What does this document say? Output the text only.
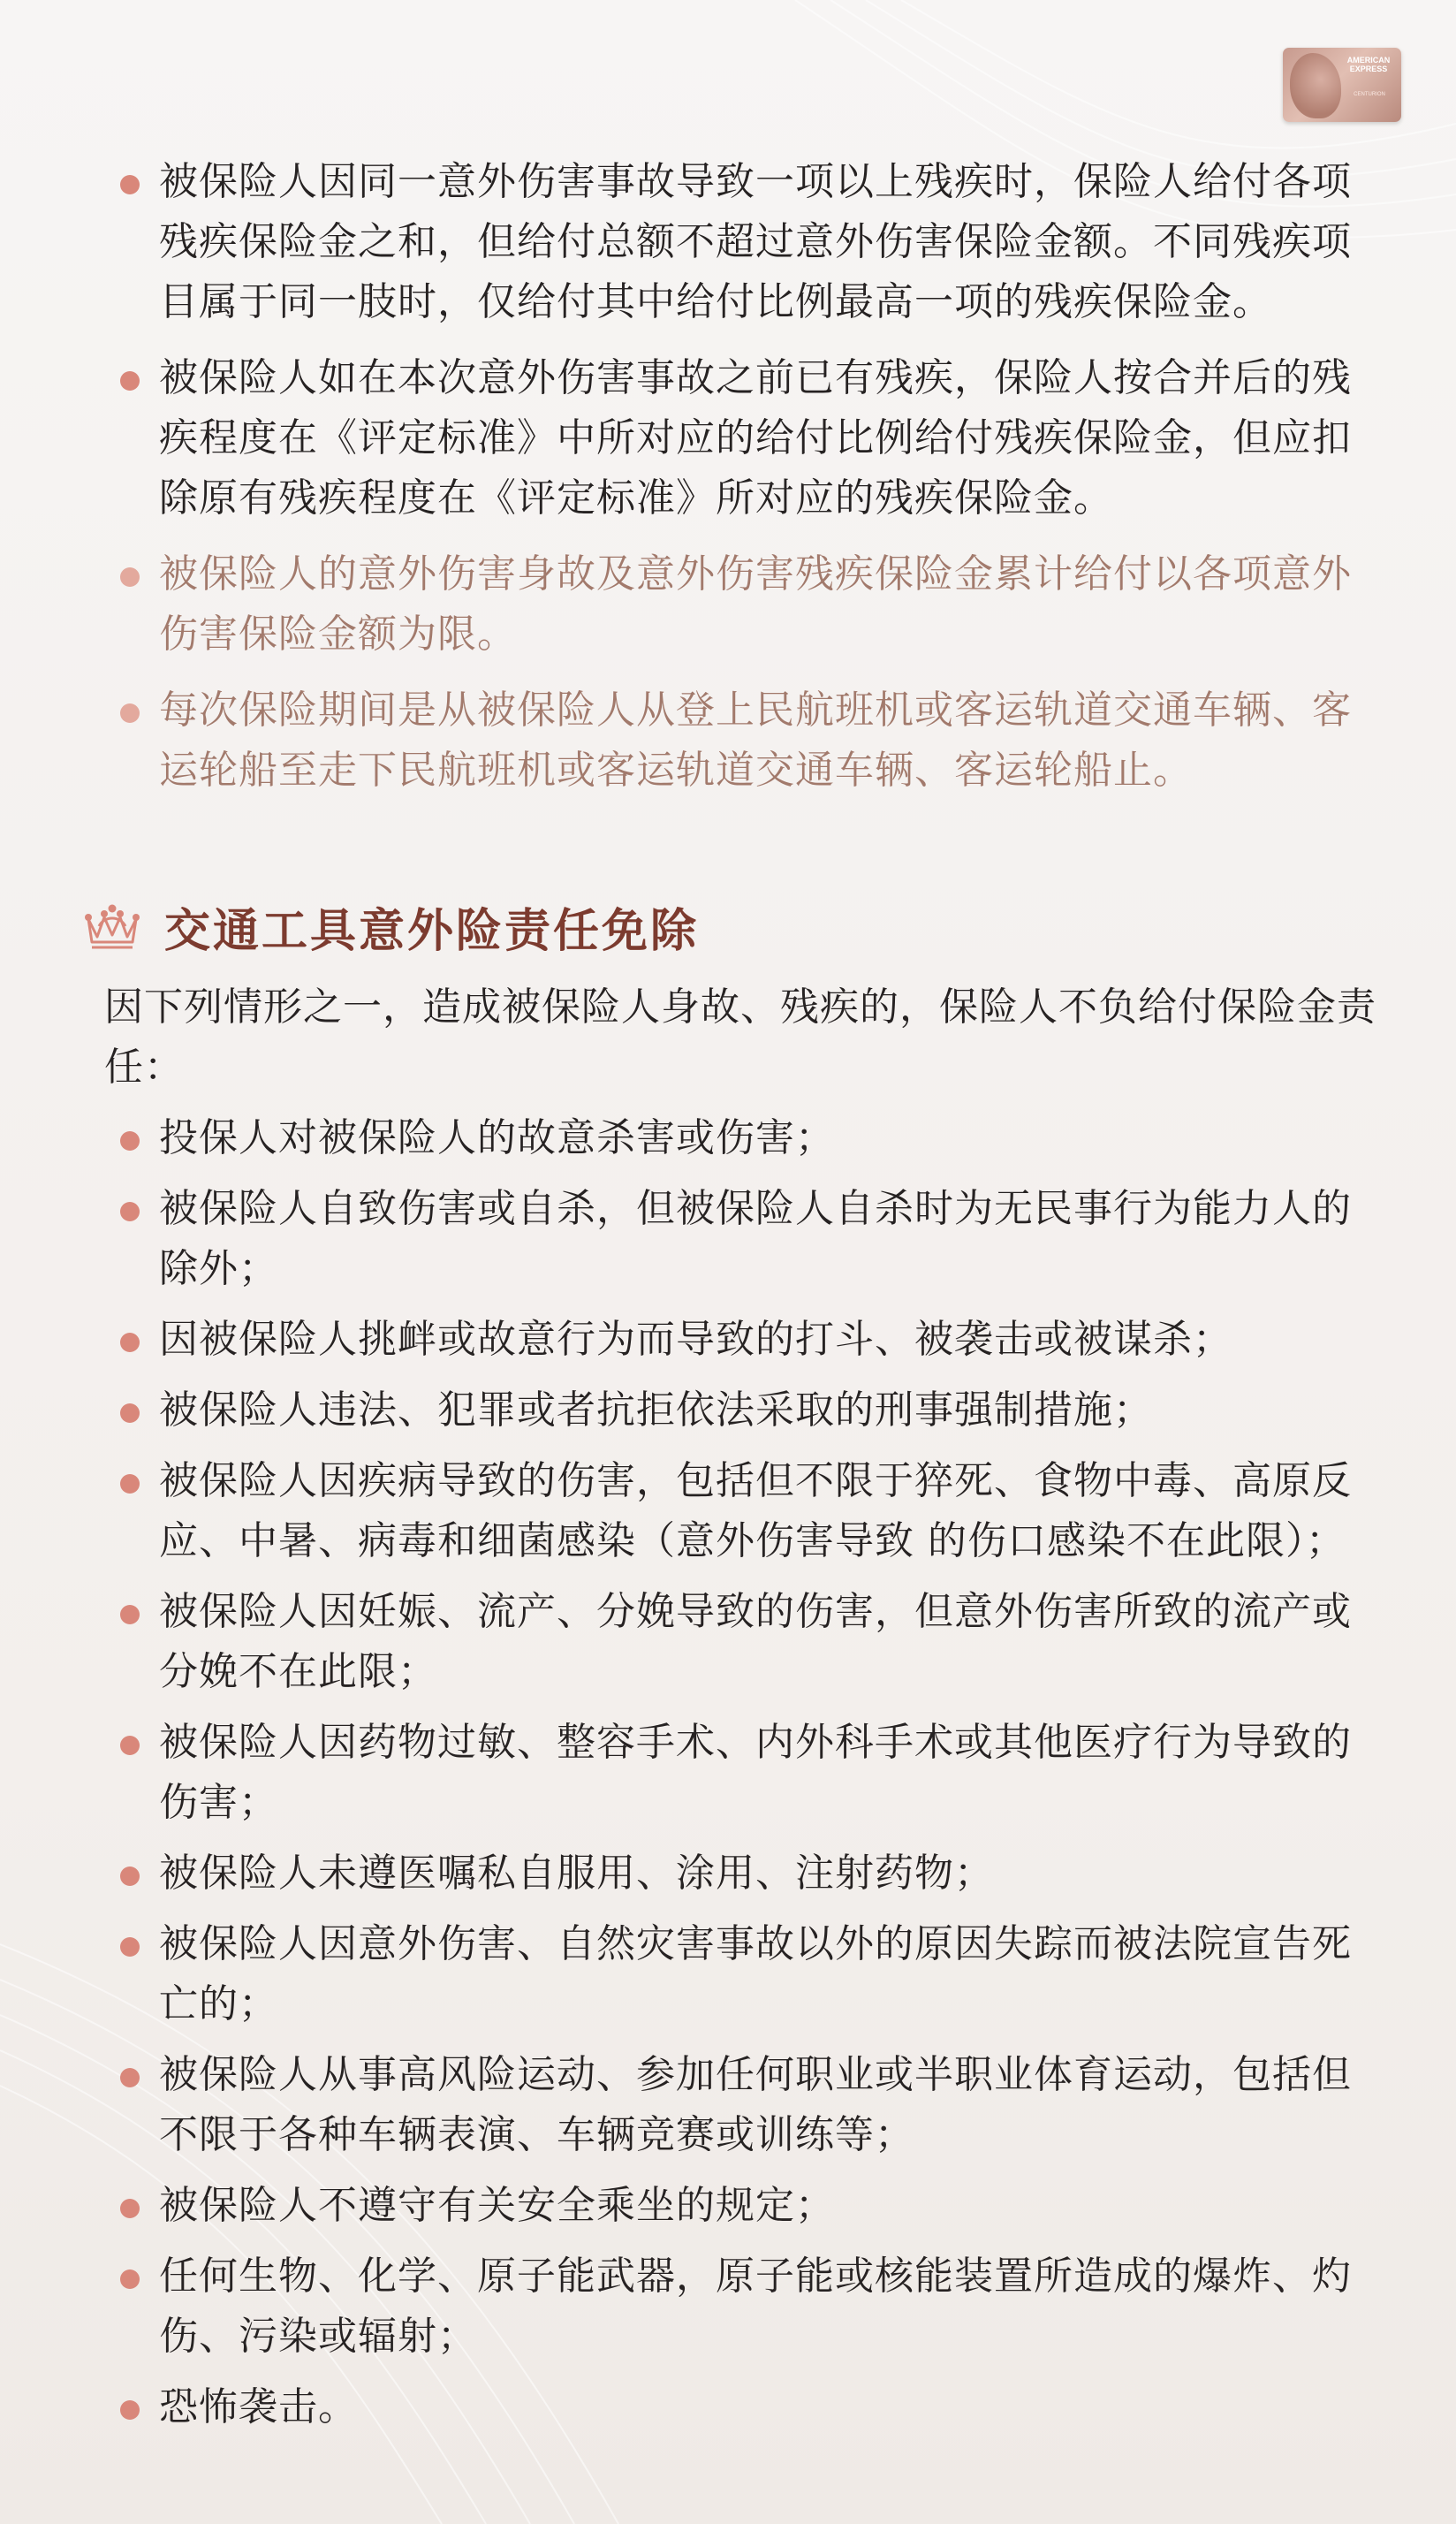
AMERICAN
EXPRESS
CENTURION
被保险人因同一意外伤害事故导致一项以上残疾时，保险人给付各项残疾保险金之和，但给付总额不超过意外伤害保险金额。不同残疾项目属于同一肢时，仅给付其中给付比例最高一项的残疾保险金。
被保险人如在本次意外伤害事故之前已有残疾，保险人按合并后的残疾程度在《评定标准》中所对应的给付比例给付残疾保险金，但应扣除原有残疾程度在《评定标准》所对应的残疾保险金。
被保险人的意外伤害身故及意外伤害残疾保险金累计给付以各项意外伤害保险金额为限。
每次保险期间是从被保险人从登上民航班机或客运轨道交通车辆、客运轮船至走下民航班机或客运轨道交通车辆、客运轮船止。
交通工具意外险责任免除

因下列情形之一，造成被保险人身故、残疾的，保险人不负给付保险金责任：

投保人对被保险人的故意杀害或伤害；
被保险人自致伤害或自杀，但被保险人自杀时为无民事行为能力人的除外；
因被保险人挑衅或故意行为而导致的打斗、被袭击或被谋杀；
被保险人违法、犯罪或者抗拒依法采取的刑事强制措施；
被保险人因疾病导致的伤害，包括但不限于猝死、食物中毒、高原反应、中暑、病毒和细菌感染（意外伤害导致 的伤口感染不在此限）；
被保险人因妊娠、流产、分娩导致的伤害，但意外伤害所致的流产或分娩不在此限；
被保险人因药物过敏、整容手术、内外科手术或其他医疗行为导致的伤害；
被保险人未遵医嘱私自服用、涂用、注射药物；
被保险人因意外伤害、自然灾害事故以外的原因失踪而被法院宣告死亡的；
被保险人从事高风险运动、参加任何职业或半职业体育运动，包括但不限于各种车辆表演、车辆竞赛或训练等；
被保险人不遵守有关安全乘坐的规定；
任何生物、化学、原子能武器，原子能或核能装置所造成的爆炸、灼伤、污染或辐射；
恐怖袭击。
